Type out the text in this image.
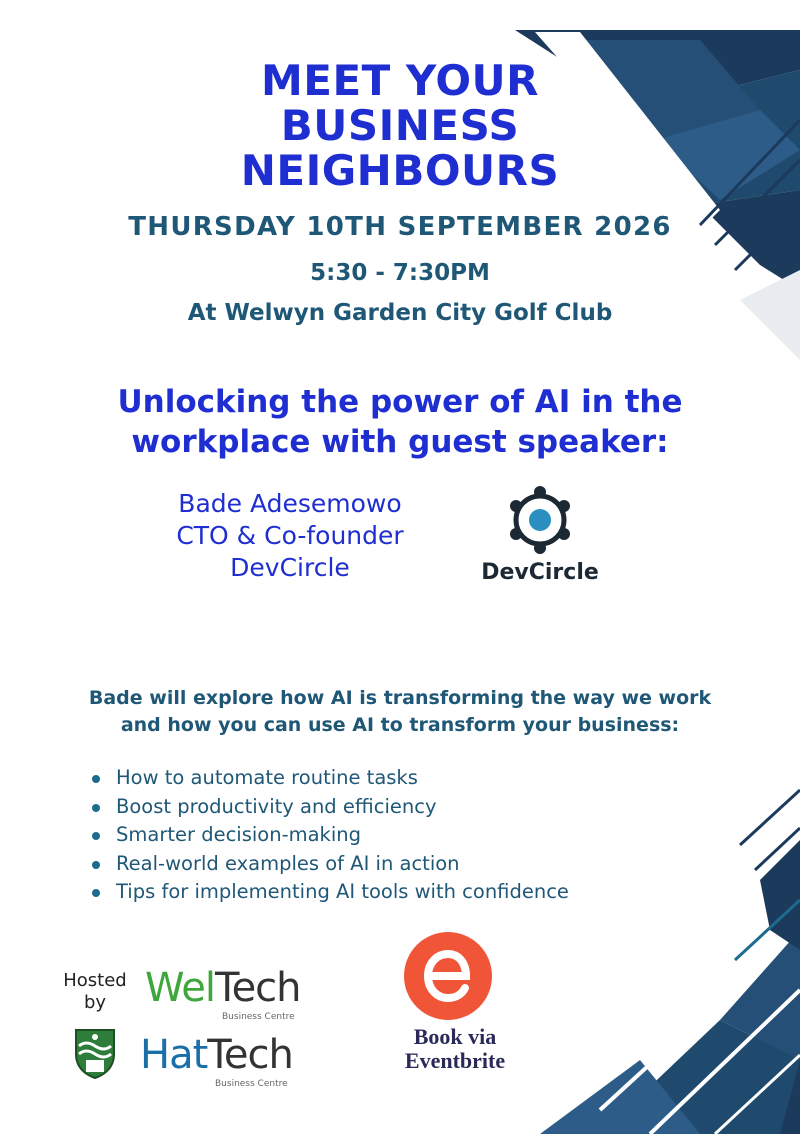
MEET YOUR
BUSINESS
NEIGHBOURS
THURSDAY 10TH SEPTEMBER 2026
5:30 - 7:30PM
At Welwyn Garden City Golf Club
Unlocking the power of AI in the
workplace with guest speaker:
Bade Adesemowo
CTO & Co-founder
DevCircle	DevCircle
Bade will explore how AI is transforming the way we work
and how you can use AI to transform your business:
How to automate routine tasks
Boost productivity and efficiency
Smarter decision-making
Real-world examples of AI in action
Tips for implementing AI tools with confidence
Hosted
by WelTech
Business Centre
HatTech
Business Centre
Book via
Eventbrite
